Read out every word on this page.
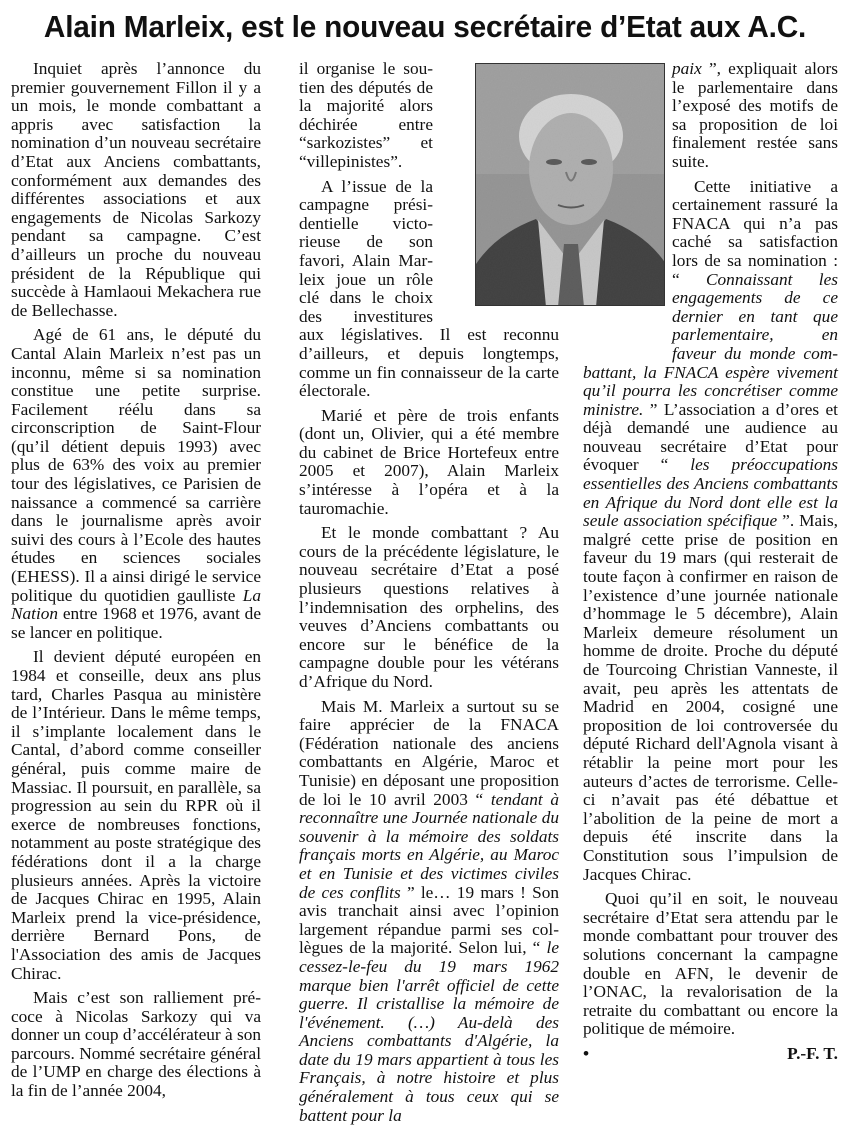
Alain Marleix, est le nouveau secrétaire d’Etat aux A.C.

Inquiet après l’annonce du premier gouvernement Fillon il y a un mois, le monde combattant a appris avec satisfaction la nomination d’un nouveau secrétaire d’Etat aux Anciens combattants, conformément aux demandes des différentes associations et aux engagements de Nicolas Sarkozy pendant sa campagne. C’est d’ailleurs un proche du nouveau président de la République qui succède à Hamlaoui Mekachera rue de Bellechasse.

Agé de 61 ans, le député du Cantal Alain Marleix n’est pas un inconnu, même si sa nomination constitue une petite surprise. Facilement réélu dans sa circonscription de Saint-Flour (qu’il détient depuis 1993) avec plus de 63% des voix au premier tour des législatives, ce Parisien de naissance a commencé sa carrière dans le journalisme après avoir suivi des cours à l’Ecole des hautes études en sciences sociales (EHESS). Il a ainsi dirigé le service politique du quotidien gaulliste La Nation entre 1968 et 1976, avant de se lancer en politique.

Il devient député européen en 1984 et conseille, deux ans plus tard, Charles Pasqua au ministère de l’Intérieur. Dans le même temps, il s’implante localement dans le Cantal, d’abord comme conseiller général, puis comme maire de Massiac. Il poursuit, en parallèle, sa progression au sein du RPR où il exerce de nombreuses fonctions, notamment au poste stratégique des fédérations dont il a la charge plusieurs années. Après la victoire de Jacques Chirac en 1995, Alain Marleix prend la vice-présidence, derrière Bernard Pons, de l'Association des amis de Jacques Chirac.

Mais c’est son ralliement précoce à Nicolas Sarkozy qui va donner un coup d’accélérateur à son parcours. Nommé secrétaire général de l’UMP en charge des élections à la fin de l’année 2004,

il organise le soutien des députés de la majorité alors déchirée entre “sarkozistes” et “villepinistes”.

A l’issue de la campagne présidentielle victorieuse de son favori, Alain Marleix joue un rôle clé dans le choix des investitures aux législatives. Il est reconnu d’ailleurs, et depuis longtemps, comme un fin connaisseur de la carte électorale.

Marié et père de trois enfants (dont un, Olivier, qui a été membre du cabinet de Brice Hortefeux entre 2005 et 2007), Alain Marleix s’intéresse à l’opéra et à la tauromachie.

Et le monde combattant ? Au cours de la précédente législature, le nouveau secrétaire d’Etat a posé plusieurs questions relatives à l’indemnisation des orphelins, des veuves d’Anciens combattants ou encore sur le bénéfice de la campagne double pour les vétérans d’Afrique du Nord.

Mais M. Marleix a surtout su se faire apprécier de la FNACA (Fédération nationale des anciens combattants en Algérie, Maroc et Tunisie) en déposant une proposition de loi le 10 avril 2003 “ tendant à reconnaître une Journée nationale du souvenir à la mémoire des soldats français morts en Algérie, au Maroc et en Tunisie et des victimes civiles de ces conflits ” le… 19 mars ! Son avis tranchait ainsi avec l’opinion largement répandue parmi ses collègues de la majorité. Selon lui, “ le cessez-le-feu du 19 mars 1962 marque bien l'arrêt officiel de cette guerre. Il cristallise la mémoire de l'événement. (…) Au-delà des Anciens combattants d'Algérie, la date du 19 mars appartient à tous les Français, à notre histoire et plus généralement à tous ceux qui se battent pour la

paix ”, expliquait alors le parlementaire dans l’exposé des motifs de sa proposition de loi finalement restée sans suite.

Cette initiative a certainement rassuré la FNACA qui n’a pas caché sa satisfaction lors de sa nomination : “ Connaissant les engagements de ce dernier en tant que parlementaire, en faveur du monde combattant, la FNACA espère vivement qu’il pourra les concrétiser comme ministre. ” L’association a d’ores et déjà demandé une audience au nouveau secrétaire d’Etat pour évoquer “ les préoccupations essentielles des Anciens combattants en Afrique du Nord dont elle est la seule association spécifique ”. Mais, malgré cette prise de position en faveur du 19 mars (qui resterait de toute façon à confirmer en raison de l’existence d’une journée nationale d’hommage le 5 décembre), Alain Marleix demeure résolument un homme de droite. Proche du député de Tourcoing Christian Vanneste, il avait, peu après les attentats de Madrid en 2004, cosigné une proposition de loi controversée du député Richard dell'Agnola visant à rétablir la peine mort pour les auteurs d’actes de terrorisme. Celle-ci n’avait pas été débattue et l’abolition de la peine de mort a depuis été inscrite dans la Constitution sous l’impulsion de Jacques Chirac.

Quoi qu’il en soit, le nouveau secrétaire d’Etat sera attendu par le monde combattant pour trouver des solutions concernant la campagne double en AFN, le devenir de l’ONAC, la revalorisation de la retraite du combattant ou encore la politique de mémoire.

•	P.-F. T.
